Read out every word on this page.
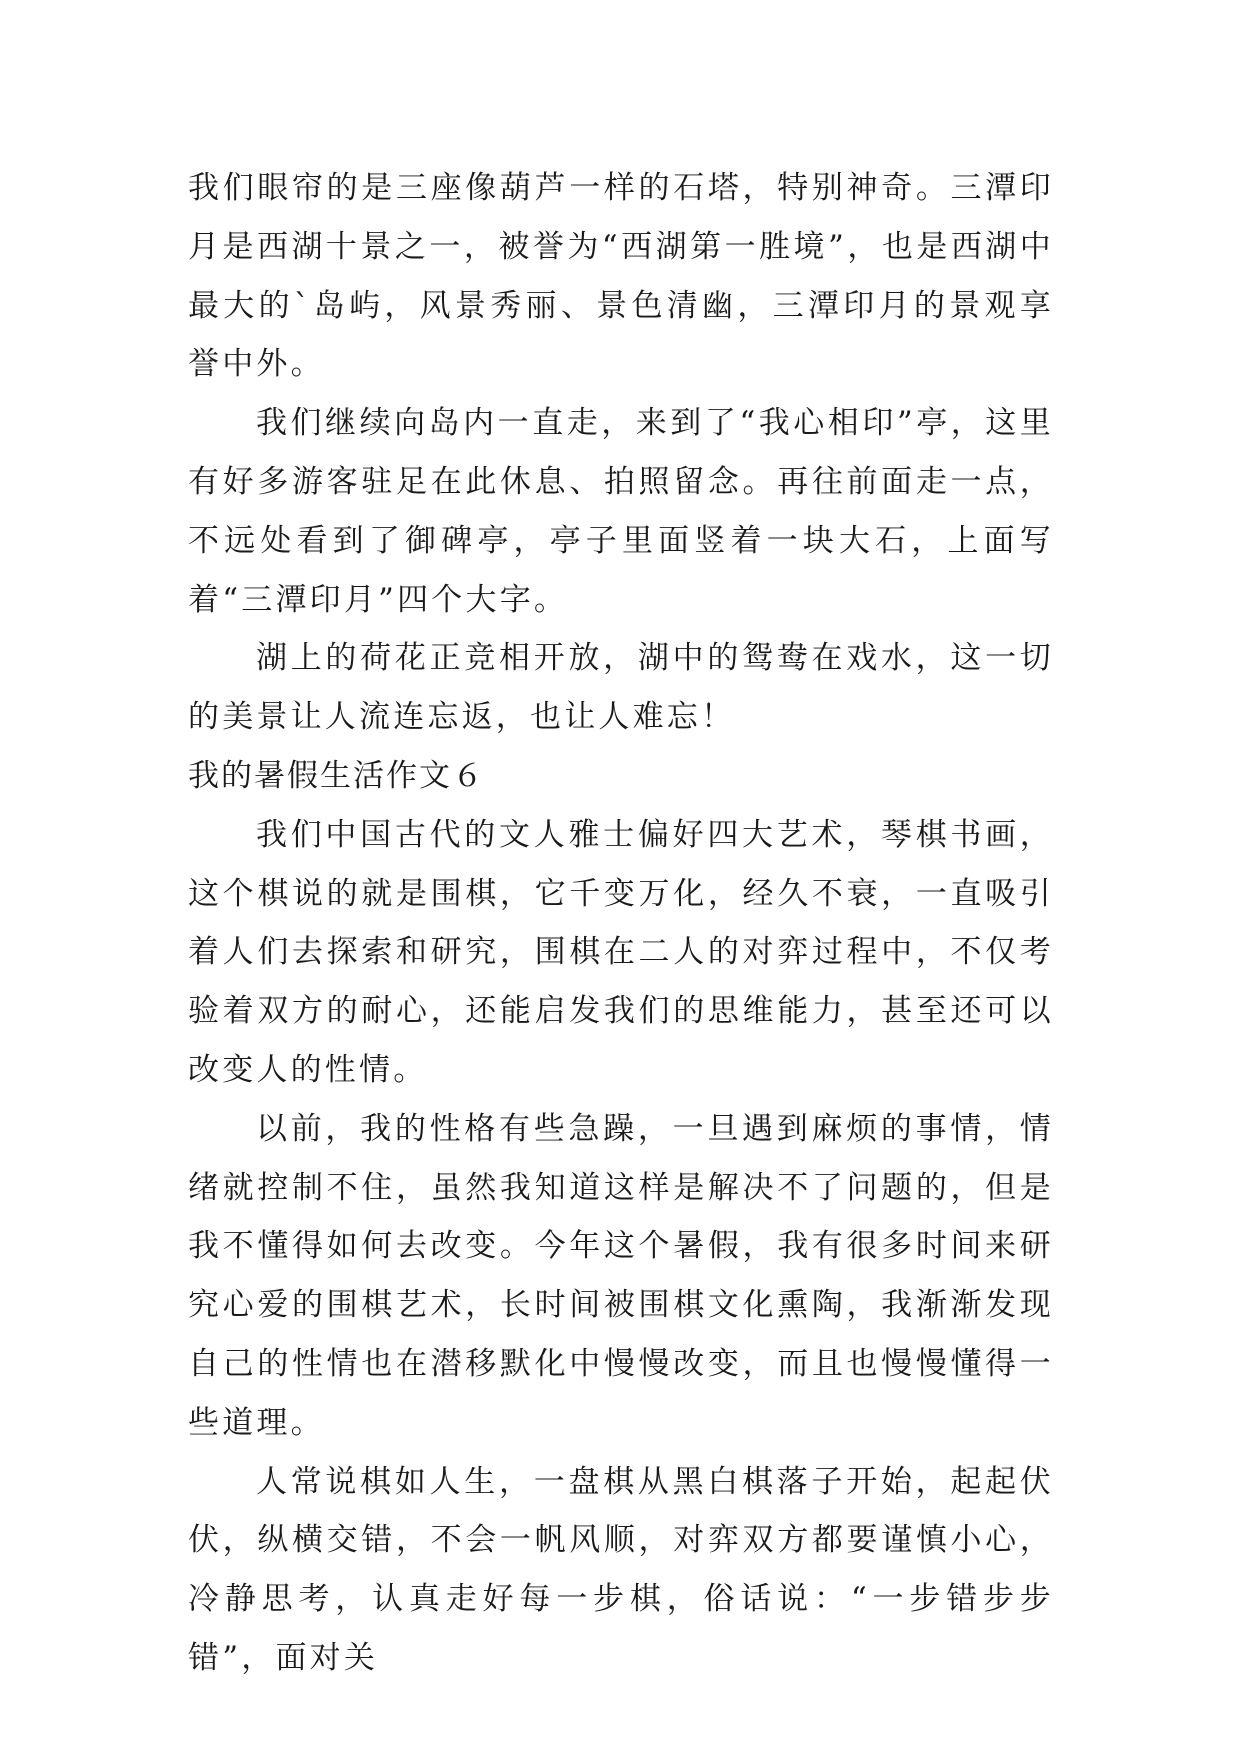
我们眼帘的是三座像葫芦一样的石塔，特别神奇。三潭印月是西湖十景之一，被誉为“西湖第一胜境”，也是西湖中最大的`岛屿，风景秀丽、景色清幽，三潭印月的景观享誉中外。

我们继续向岛内一直走，来到了“我心相印”亭，这里有好多游客驻足在此休息、拍照留念。再往前面走一点，不远处看到了御碑亭，亭子里面竖着一块大石，上面写着“三潭印月”四个大字。

湖上的荷花正竞相开放，湖中的鸳鸯在戏水，这一切的美景让人流连忘返，也让人难忘！

我的暑假生活作文６

我们中国古代的文人雅士偏好四大艺术，琴棋书画，这个棋说的就是围棋，它千变万化，经久不衰，一直吸引着人们去探索和研究，围棋在二人的对弈过程中，不仅考验着双方的耐心，还能启发我们的思维能力，甚至还可以改变人的性情。

以前，我的性格有些急躁，一旦遇到麻烦的事情，情绪就控制不住，虽然我知道这样是解决不了问题的，但是我不懂得如何去改变。今年这个暑假，我有很多时间来研究心爱的围棋艺术，长时间被围棋文化熏陶，我渐渐发现自己的性情也在潜移默化中慢慢改变，而且也慢慢懂得一些道理。

人常说棋如人生，一盘棋从黑白棋落子开始，起起伏伏，纵横交错，不会一帆风顺，对弈双方都要谨慎小心，冷静思考，认真走好每一步棋，俗话说：“一步错步步错”，面对关
